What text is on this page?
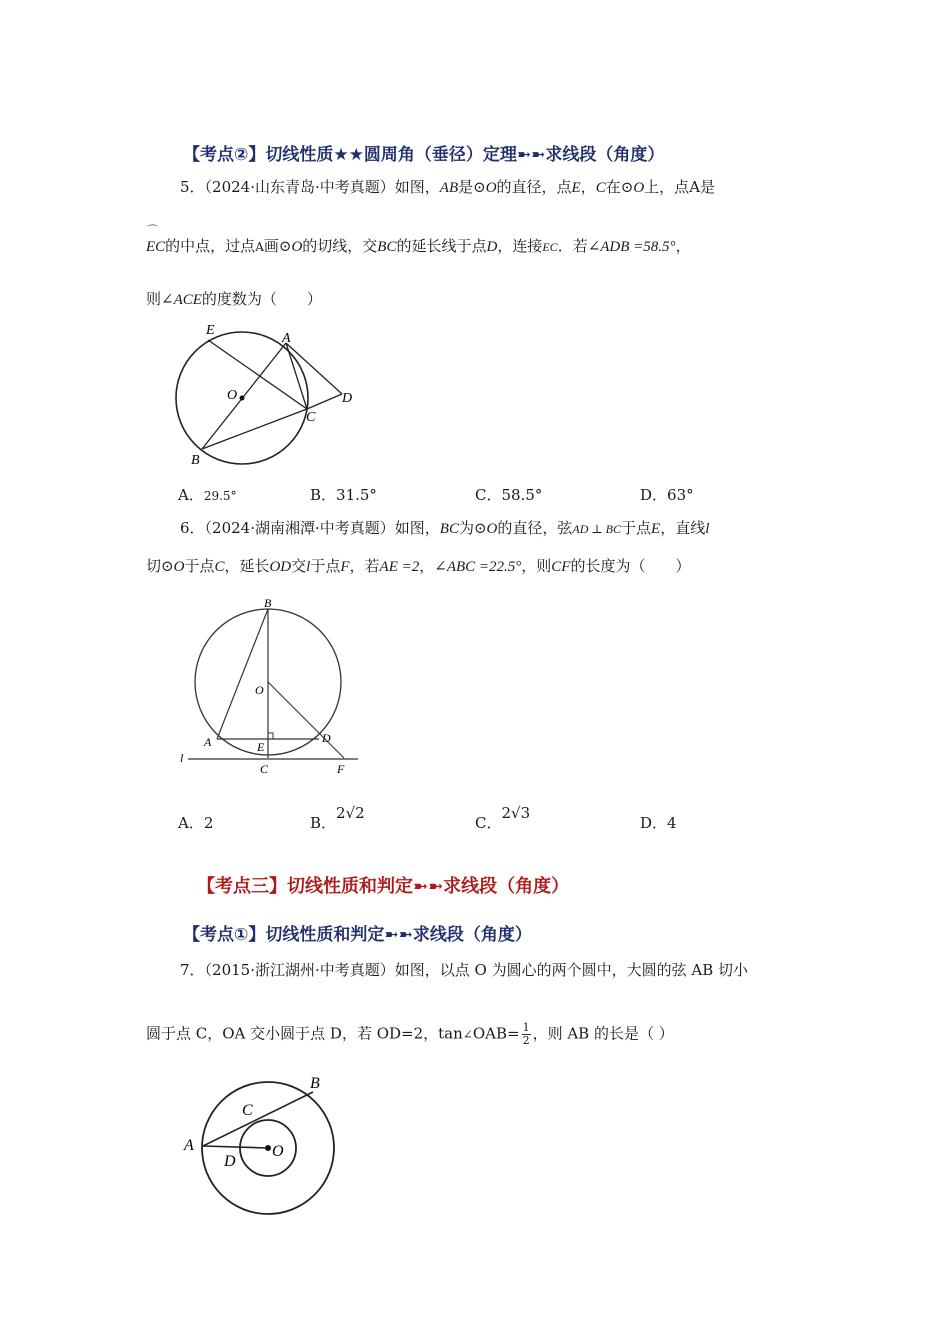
【考点②】切线性质★★圆周角（垂径）定理➼➼求线段（角度）
5．（2024·山东青岛·中考真题）如图，AB是⊙O的直径，点E，C在⊙O上，点A是
⌒
EC的中点，过点A画⊙O的切线，交BC的延长线于点D，连接EC．若∠ADB =58.5°，
则∠ACE的度数为（　　）
E
A
O	D
C
B
A．29.5°	B．31.5°	C．58.5°	D．63°
6．（2024·湖南湘潭·中考真题）如图，BC为⊙O的直径，弦AD ⊥ BC于点E，直线l
切⊙O于点C，延长OD交l于点F，若AE =2，∠ABC =22.5°，则CF的长度为（　　）
B
O
A	E
D
l
C	F
A．2	B．2√2
C．2√3
D．4
【考点三】切线性质和判定➼➼求线段（角度）
【考点①】切线性质和判定➼➼求线段（角度）
7．（2015·浙江湖州·中考真题）如图，以点 O 为圆心的两个圆中，大圆的弦 AB 切小
圆于点 C，OA 交小圆于点 D，若 OD=2，tan∠OAB= $\frac{1}{2}$ ，则 AB 的长是（ ）
B
C
A
D
O
